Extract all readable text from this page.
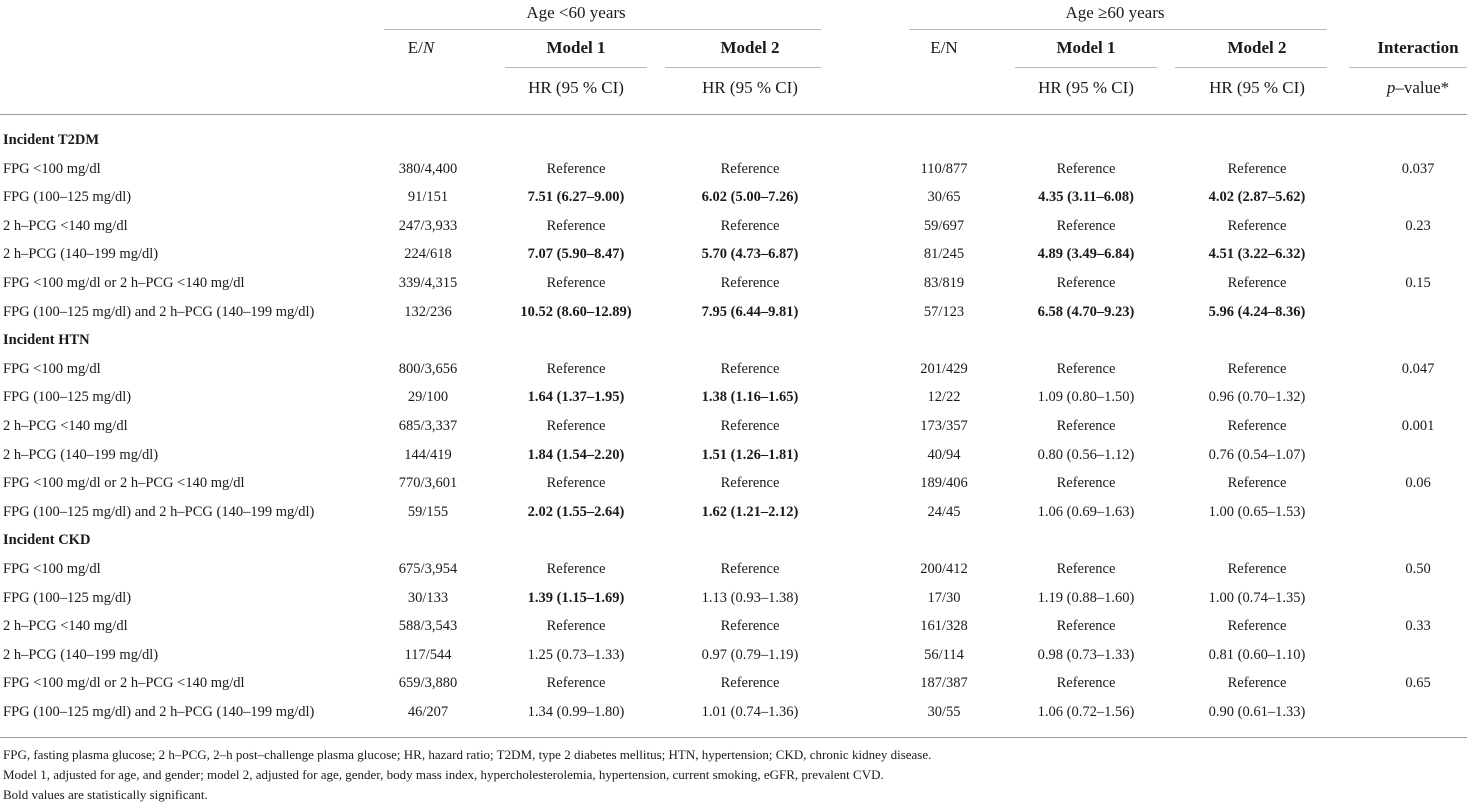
Age <60 years	Age ≥60 years
E/N	Model 1	Model 2	E/N	Model 1	Model 2	Interaction
HR (95 % CI)	HR (95 % CI)	HR (95 % CI)	HR (95 % CI)	p–value*
Incident T2DM
FPG <100 mg/dl	380/4,400	Reference	Reference	110/877	Reference	Reference	0.037
FPG (100–125 mg/dl)	91/151	7.51 (6.27–9.00)	6.02 (5.00–7.26)	30/65	4.35 (3.11–6.08)	4.02 (2.87–5.62)
2 h–PCG <140 mg/dl	247/3,933	Reference	Reference	59/697	Reference	Reference	0.23
2 h–PCG (140–199 mg/dl)	224/618	7.07 (5.90–8.47)	5.70 (4.73–6.87)	81/245	4.89 (3.49–6.84)	4.51 (3.22–6.32)
FPG <100 mg/dl or 2 h–PCG <140 mg/dl	339/4,315	Reference	Reference	83/819	Reference	Reference	0.15
FPG (100–125 mg/dl) and 2 h–PCG (140–199 mg/dl)	132/236	10.52 (8.60–12.89)	7.95 (6.44–9.81)	57/123	6.58 (4.70–9.23)	5.96 (4.24–8.36)
Incident HTN
FPG <100 mg/dl	800/3,656	Reference	Reference	201/429	Reference	Reference	0.047
FPG (100–125 mg/dl)	29/100	1.64 (1.37–1.95)	1.38 (1.16–1.65)	12/22	1.09 (0.80–1.50)	0.96 (0.70–1.32)
2 h–PCG <140 mg/dl	685/3,337	Reference	Reference	173/357	Reference	Reference	0.001
2 h–PCG (140–199 mg/dl)	144/419	1.84 (1.54–2.20)	1.51 (1.26–1.81)	40/94	0.80 (0.56–1.12)	0.76 (0.54–1.07)
FPG <100 mg/dl or 2 h–PCG <140 mg/dl	770/3,601	Reference	Reference	189/406	Reference	Reference	0.06
FPG (100–125 mg/dl) and 2 h–PCG (140–199 mg/dl)	59/155	2.02 (1.55–2.64)	1.62 (1.21–2.12)	24/45	1.06 (0.69–1.63)	1.00 (0.65–1.53)
Incident CKD
FPG <100 mg/dl	675/3,954	Reference	Reference	200/412	Reference	Reference	0.50
FPG (100–125 mg/dl)	30/133	1.39 (1.15–1.69)	1.13 (0.93–1.38)	17/30	1.19 (0.88–1.60)	1.00 (0.74–1.35)
2 h–PCG <140 mg/dl	588/3,543	Reference	Reference	161/328	Reference	Reference	0.33
2 h–PCG (140–199 mg/dl)	117/544	1.25 (0.73–1.33)	0.97 (0.79–1.19)	56/114	0.98 (0.73–1.33)	0.81 (0.60–1.10)
FPG <100 mg/dl or 2 h–PCG <140 mg/dl	659/3,880	Reference	Reference	187/387	Reference	Reference	0.65
FPG (100–125 mg/dl) and 2 h–PCG (140–199 mg/dl)	46/207	1.34 (0.99–1.80)	1.01 (0.74–1.36)	30/55	1.06 (0.72–1.56)	0.90 (0.61–1.33)
FPG, fasting plasma glucose; 2 h–PCG, 2–h post–challenge plasma glucose; HR, hazard ratio; T2DM, type 2 diabetes mellitus; HTN, hypertension; CKD, chronic kidney disease.
Model 1, adjusted for age, and gender; model 2, adjusted for age, gender, body mass index, hypercholesterolemia, hypertension, current smoking, eGFR, prevalent CVD.
Bold values are statistically significant.
